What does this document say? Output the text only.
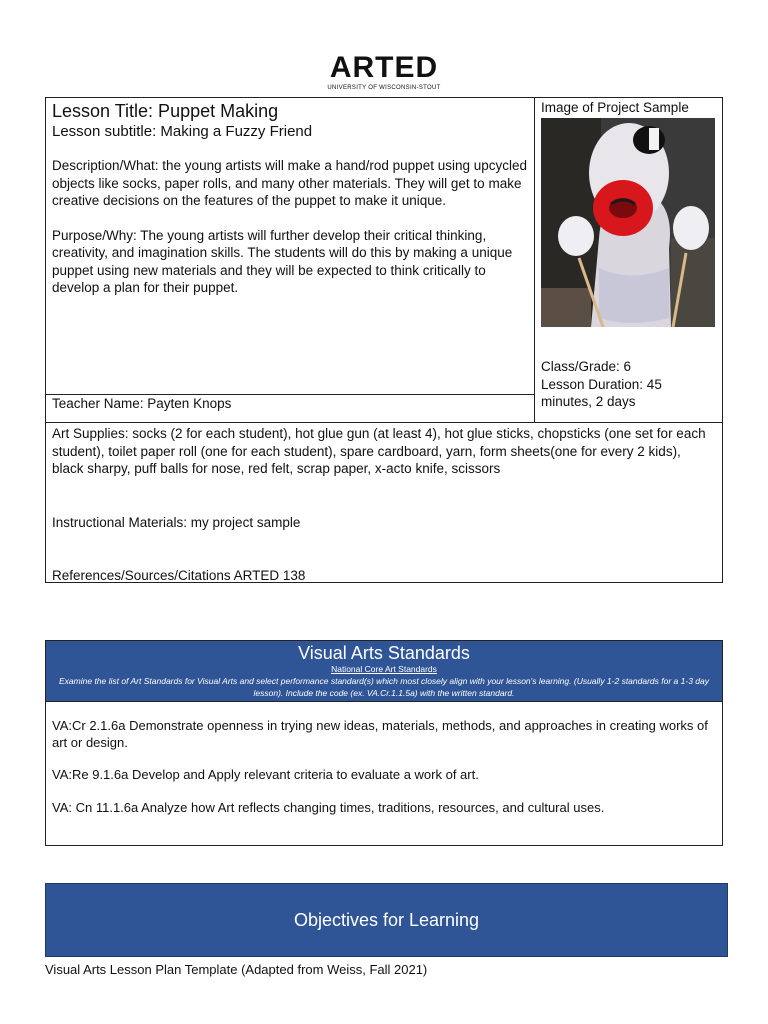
ARTED
UNIVERSITY OF WISCONSIN-STOUT
Lesson Title: Puppet Making
Lesson subtitle: Making a Fuzzy Friend

Description/What: the young artists will make a hand/rod puppet using upcycled objects like socks, paper rolls, and many other materials. They will get to make creative decisions on the features of the puppet to make it unique.

Purpose/Why: The young artists will further develop their critical thinking, creativity, and imagination skills. The students will do this by making a unique puppet using new materials and they will be expected to think critically to develop a plan for their puppet.

Teacher Name: Payten Knops
Image of Project Sample
Class/Grade: 6
Lesson Duration: 45 minutes, 2 days

Art Supplies: socks (2 for each student), hot glue gun (at least 4), hot glue sticks, chopsticks (one set for each student), toilet paper roll (one for each student), spare cardboard, yarn, form sheets(one for every 2 kids), black sharpy, puff balls for nose, red felt, scrap paper, x-acto knife, scissors

Instructional Materials: my project sample

References/Sources/Citations ARTED 138

Visual Arts Standards
National Core Art Standards
Examine the list of Art Standards for Visual Arts and select performance standard(s) which most closely align with your lesson's learning. (Usually 1-2 standards for a 1-3 day lesson). Include the code (ex. VA.Cr.1.1.5a) with the written standard.

VA:Cr 2.1.6a Demonstrate openness in trying new ideas, materials, methods, and approaches in creating works of art or design.

VA:Re 9.1.6a Develop and Apply relevant criteria to evaluate a work of art.

VA: Cn 11.1.6a Analyze how Art reflects changing times, traditions, resources, and cultural uses.

Objectives for Learning
Visual Arts Lesson Plan Template (Adapted from Weiss, Fall 2021)
